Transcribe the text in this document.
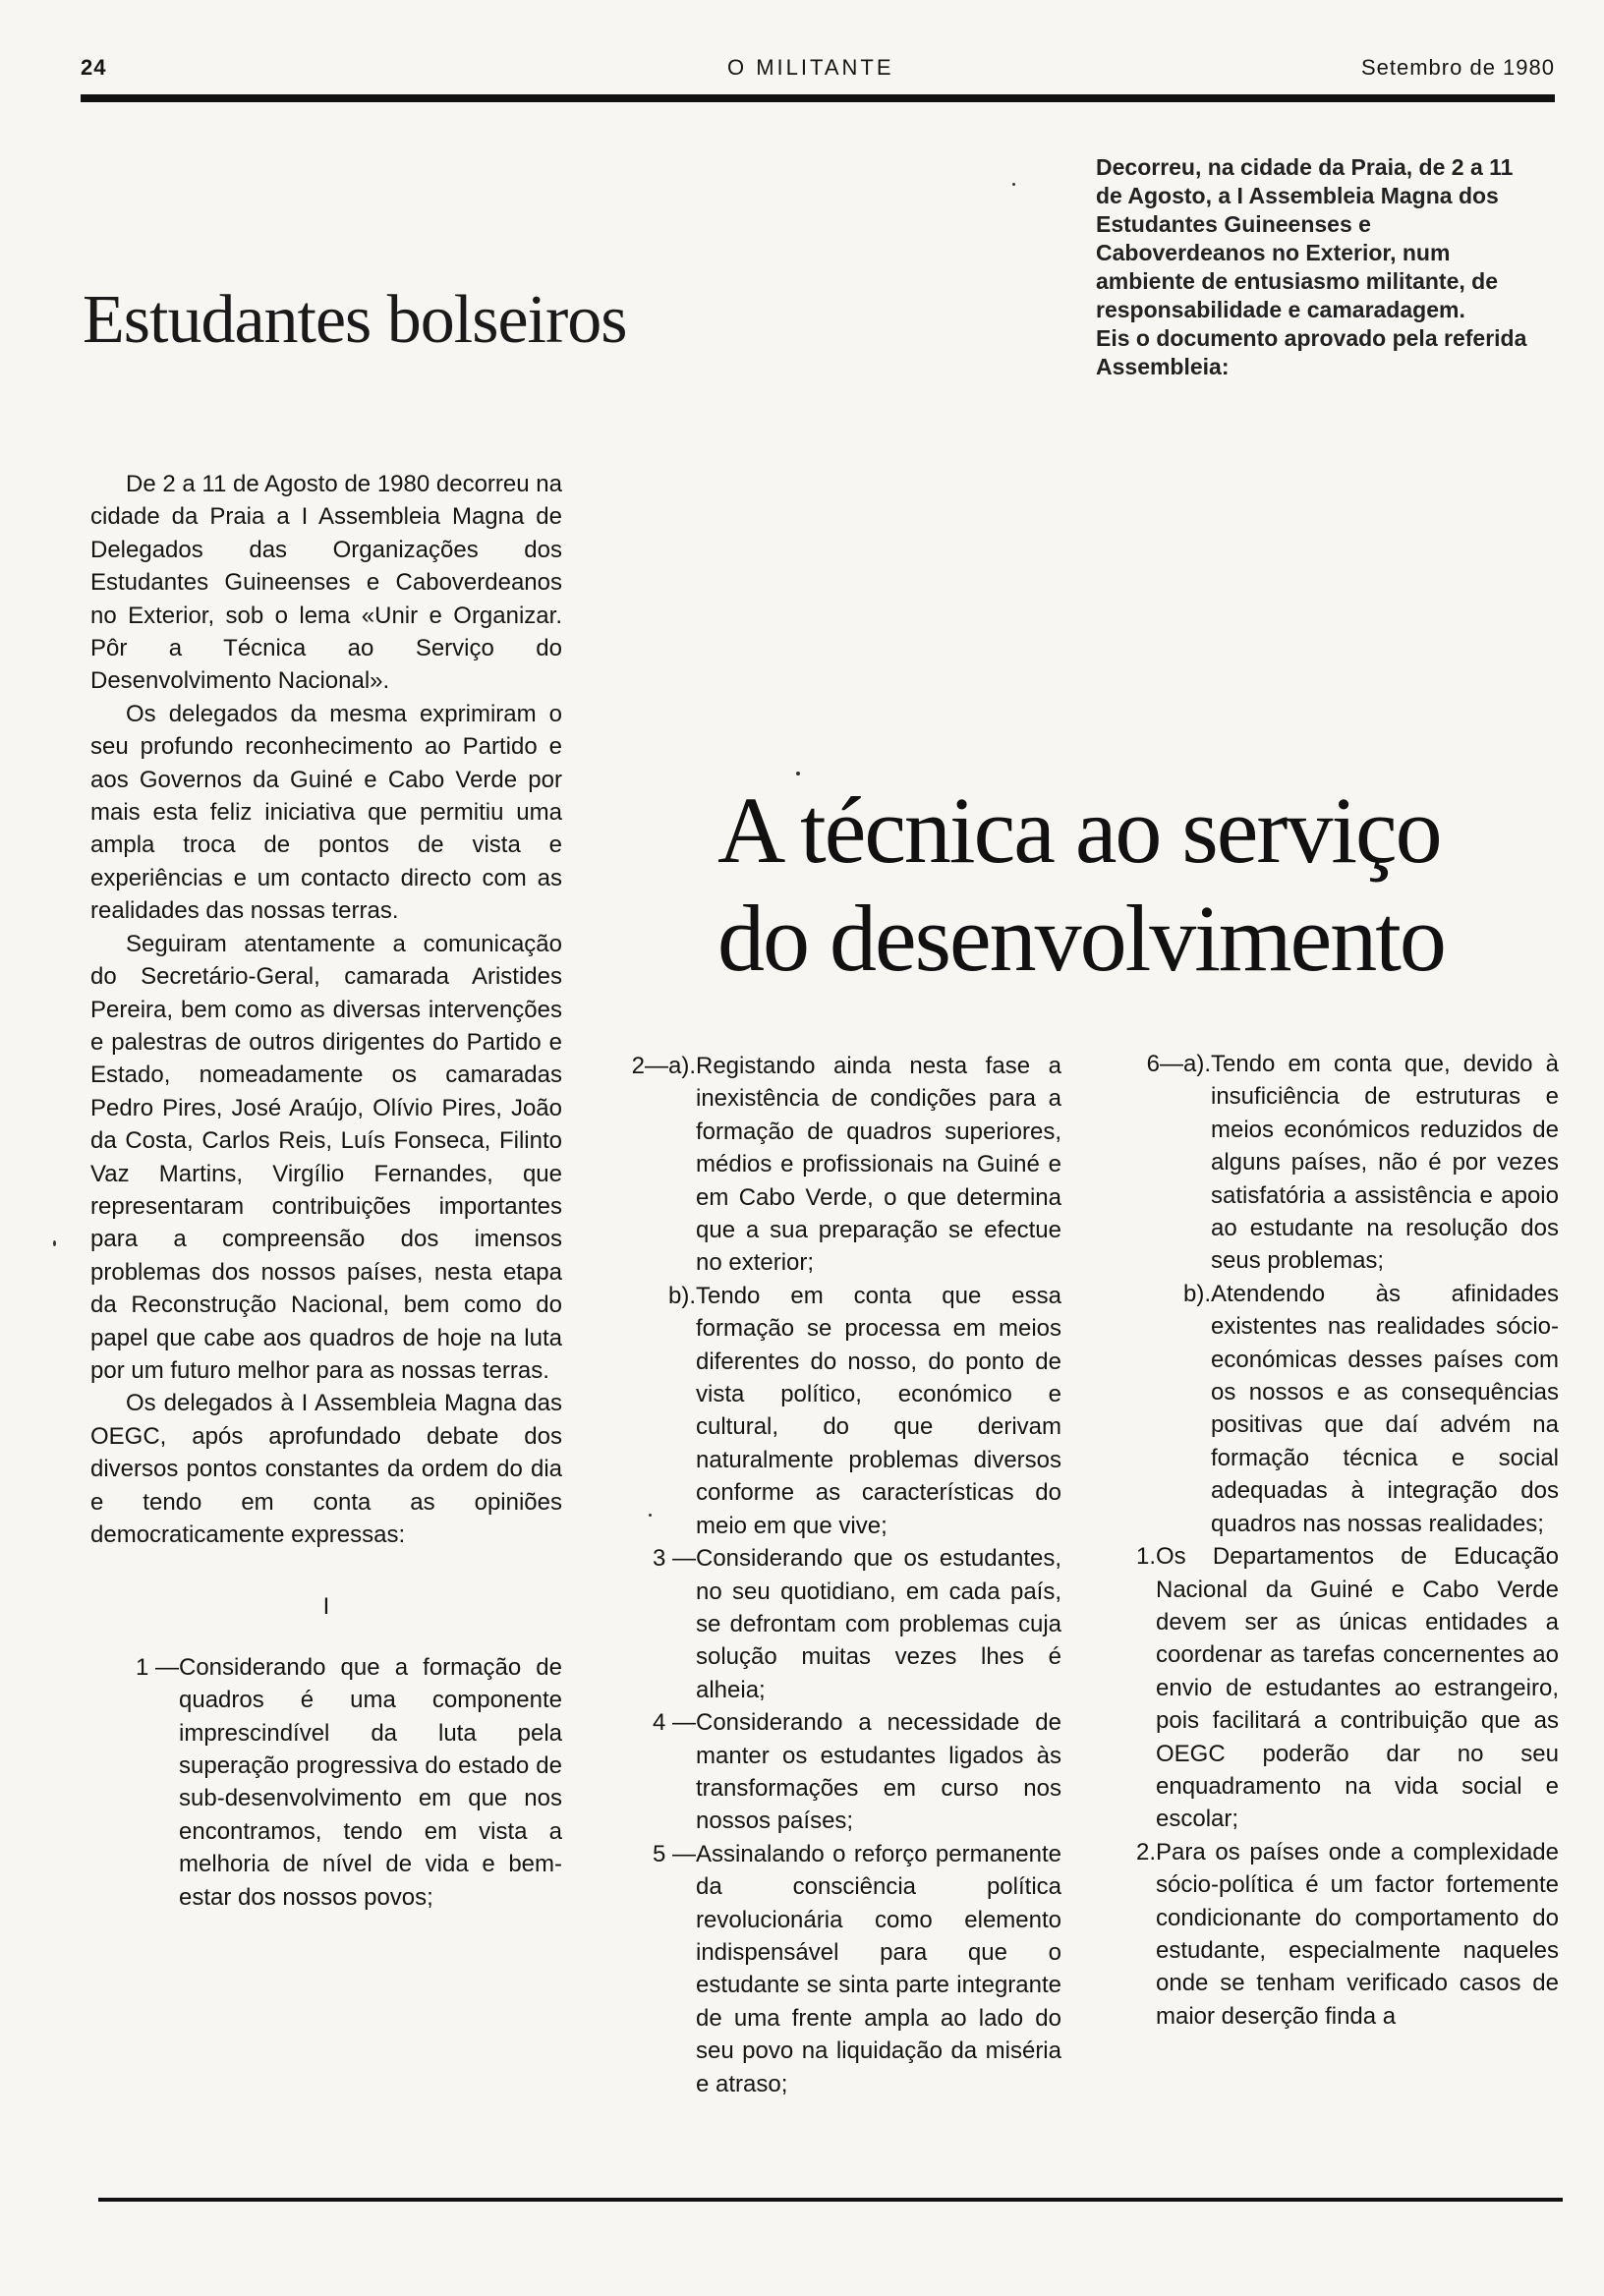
24	O MILITANTE	Setembro de 1980
Estudantes bolseiros
A técnica ao serviço
do desenvolvimento

Decorreu, na cidade da Praia, de 2 a 11 de Agosto, a I Assembleia Magna dos Estudantes Guineenses e Caboverdeanos no Exterior, num ambiente de entusiasmo militante, de responsabilidade e camaradagem.

Eis o documento aprovado pela referida Assembleia:

De 2 a 11 de Agosto de 1980 decorreu na cidade da Praia a I Assembleia Magna de Delegados das Organizações dos Estudantes Guineenses e Caboverdeanos no Exterior, sob o lema «Unir e Organizar. Pôr a Técnica ao Serviço do Desenvolvimento Nacional».

Os delegados da mesma exprimiram o seu profundo reconhecimento ao Partido e aos Governos da Guiné e Cabo Verde por mais esta feliz iniciativa que permitiu uma ampla troca de pontos de vista e experiências e um contacto directo com as realidades das nossas terras.

Seguiram atentamente a comunicação do Secretário-Geral, camarada Aristides Pereira, bem como as diversas intervenções e palestras de outros dirigentes do Partido e Estado, nomeadamente os camaradas Pedro Pires, José Araújo, Olívio Pires, João da Costa, Carlos Reis, Luís Fonseca, Filinto Vaz Martins, Virgílio Fernandes, que representaram contribuições importantes para a compreensão dos imensos problemas dos nossos países, nesta etapa da Reconstrução Nacional, bem como do papel que cabe aos quadros de hoje na luta por um futuro melhor para as nossas terras.

Os delegados à I Assembleia Magna das OEGC, após aprofundado debate dos diversos pontos constantes da ordem do dia e tendo em conta as opiniões democraticamente expressas:

I

1 — Considerando que a formação de quadros é uma componente imprescindível da luta pela superação progressiva do estado de sub-desenvolvimento em que nos encontramos, tendo em vista a melhoria de nível de vida e bem-estar dos nossos povos;
2—a). Registando ainda nesta fase a inexistência de condições para a formação de quadros superiores, médios e profissionais na Guiné e em Cabo Verde, o que determina que a sua preparação se efectue no exterior;
b). Tendo em conta que essa formação se processa em meios diferentes do nosso, do ponto de vista político, económico e cultural, do que derivam naturalmente problemas diversos conforme as características do meio em que vive;
3 — Considerando que os estudantes, no seu quotidiano, em cada país, se defrontam com problemas cuja solução muitas vezes lhes é alheia;
4 — Considerando a necessidade de manter os estudantes ligados às transformações em curso nos nossos países;
5 — Assinalando o reforço permanente da consciência política revolucionária como elemento indispensável para que o estudante se sinta parte integrante de uma frente ampla ao lado do seu povo na liquidação da miséria e atraso;
6—a). Tendo em conta que, devido à insuficiência de estruturas e meios económicos reduzidos de alguns países, não é por vezes satisfatória a assistência e apoio ao estudante na resolução dos seus problemas;
b). Atendendo às afinidades existentes nas realidades sócio-económicas desses países com os nossos e as consequências positivas que daí advém na formação técnica e social adequadas à integração dos quadros nas nossas realidades;
1. Os Departamentos de Educação Nacional da Guiné e Cabo Verde devem ser as únicas entidades a coordenar as tarefas concernentes ao envio de estudantes ao estrangeiro, pois facilitará a contribuição que as OEGC poderão dar no seu enquadramento na vida social e escolar;
2. Para os países onde a complexidade sócio-política é um factor fortemente condicionante do comportamento do estudante, especialmente naqueles onde se tenham verificado casos de maior deserção finda a
